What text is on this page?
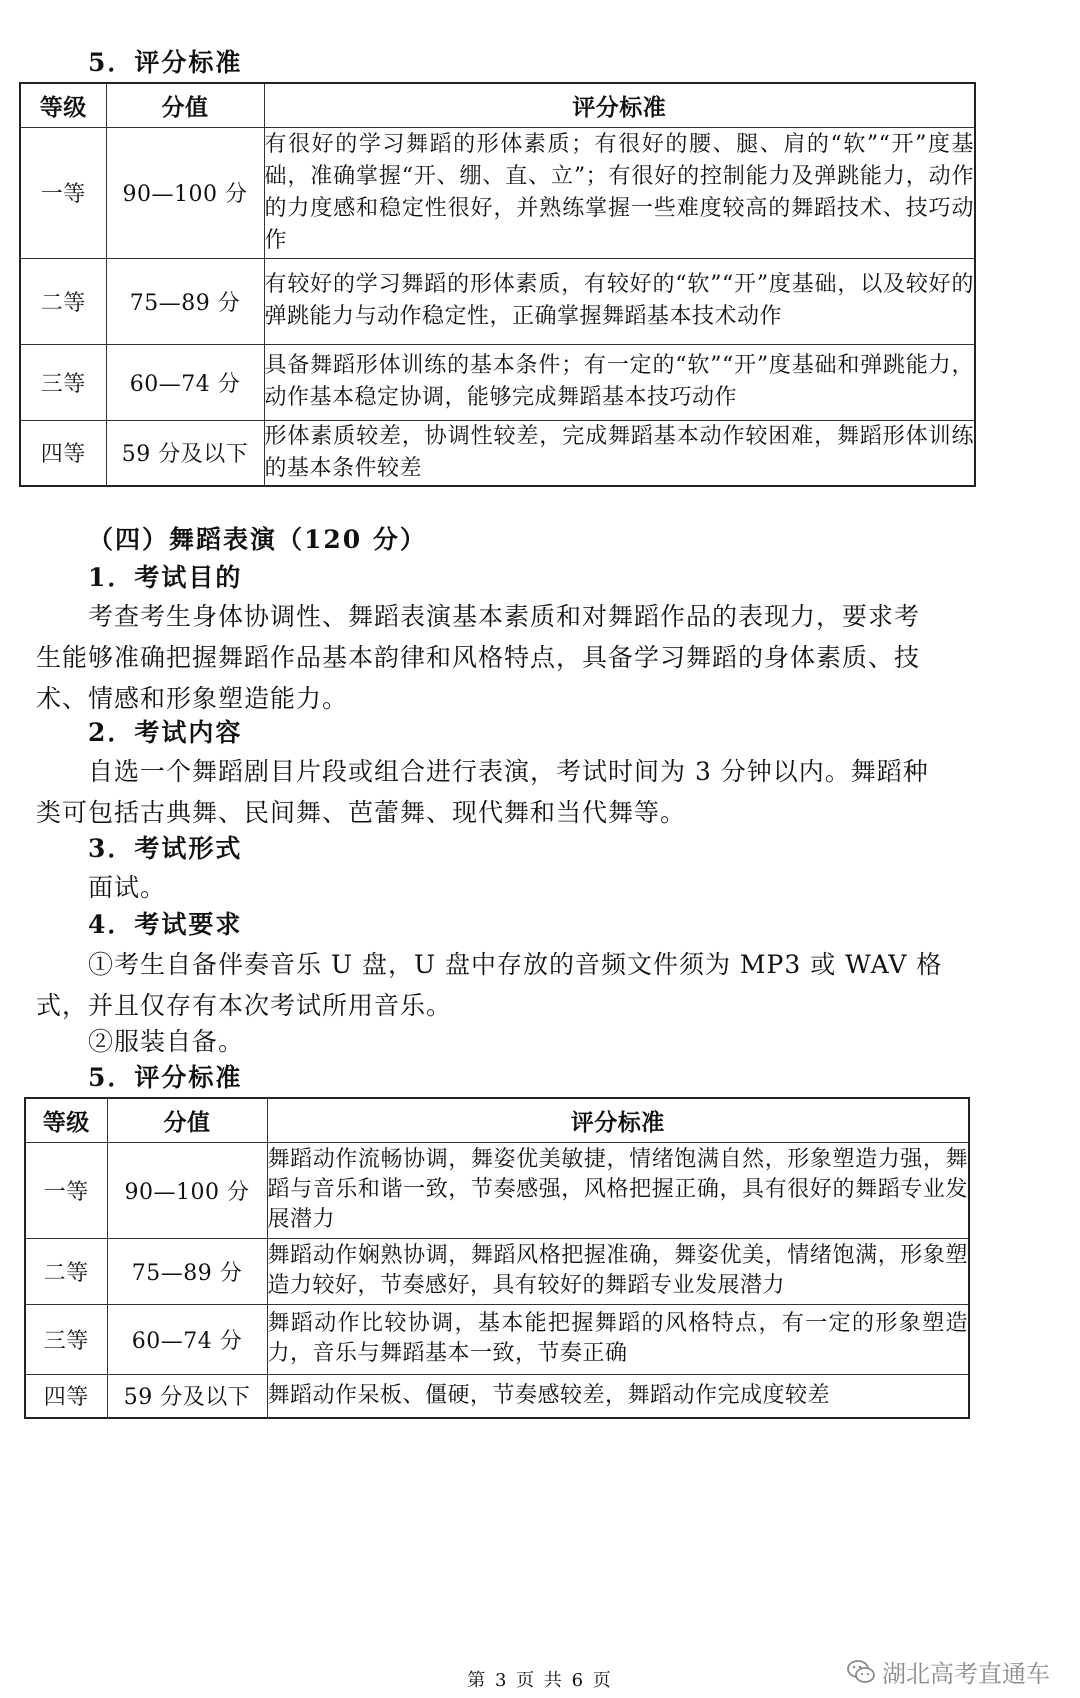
5．评分标准
等级	分值	评分标准
一等	90—100 分	有很好的学习舞蹈的形体素质；有很好的腰、腿、肩的“软”“开”度基础，准确掌握“开、绷、直、立”；有很好的控制能力及弹跳能力，动作的力度感和稳定性很好，并熟练掌握一些难度较高的舞蹈技术、技巧动作
二等	75—89 分	有较好的学习舞蹈的形体素质，有较好的“软”“开”度基础，以及较好的弹跳能力与动作稳定性，正确掌握舞蹈基本技术动作
三等	60—74 分	具备舞蹈形体训练的基本条件；有一定的“软”“开”度基础和弹跳能力，动作基本稳定协调，能够完成舞蹈基本技巧动作
四等	59 分及以下	形体素质较差，协调性较差，完成舞蹈基本动作较困难，舞蹈形体训练的基本条件较差
（四）舞蹈表演（120 分）
1．考试目的
考查考生身体协调性、舞蹈表演基本素质和对舞蹈作品的表现力，要求考生能够准确把握舞蹈作品基本韵律和风格特点，具备学习舞蹈的身体素质、技术、情感和形象塑造能力。
2．考试内容
自选一个舞蹈剧目片段或组合进行表演，考试时间为 3 分钟以内。舞蹈种类可包括古典舞、民间舞、芭蕾舞、现代舞和当代舞等。
3．考试形式
面试。
4．考试要求
①考生自备伴奏音乐 U 盘，U 盘中存放的音频文件须为 MP3 或 WAV 格式，并且仅存有本次考试所用音乐。
②服装自备。
5．评分标准
等级	分值	评分标准
一等	90—100 分	舞蹈动作流畅协调，舞姿优美敏捷，情绪饱满自然，形象塑造力强，舞蹈与音乐和谐一致，节奏感强，风格把握正确，具有很好的舞蹈专业发展潜力
二等	75—89 分	舞蹈动作娴熟协调，舞蹈风格把握准确，舞姿优美，情绪饱满，形象塑造力较好，节奏感好，具有较好的舞蹈专业发展潜力
三等	60—74 分	舞蹈动作比较协调，基本能把握舞蹈的风格特点，有一定的形象塑造力，音乐与舞蹈基本一致，节奏正确
四等	59 分及以下	舞蹈动作呆板、僵硬，节奏感较差，舞蹈动作完成度较差
第 3 页 共 6 页	湖北高考直通车
